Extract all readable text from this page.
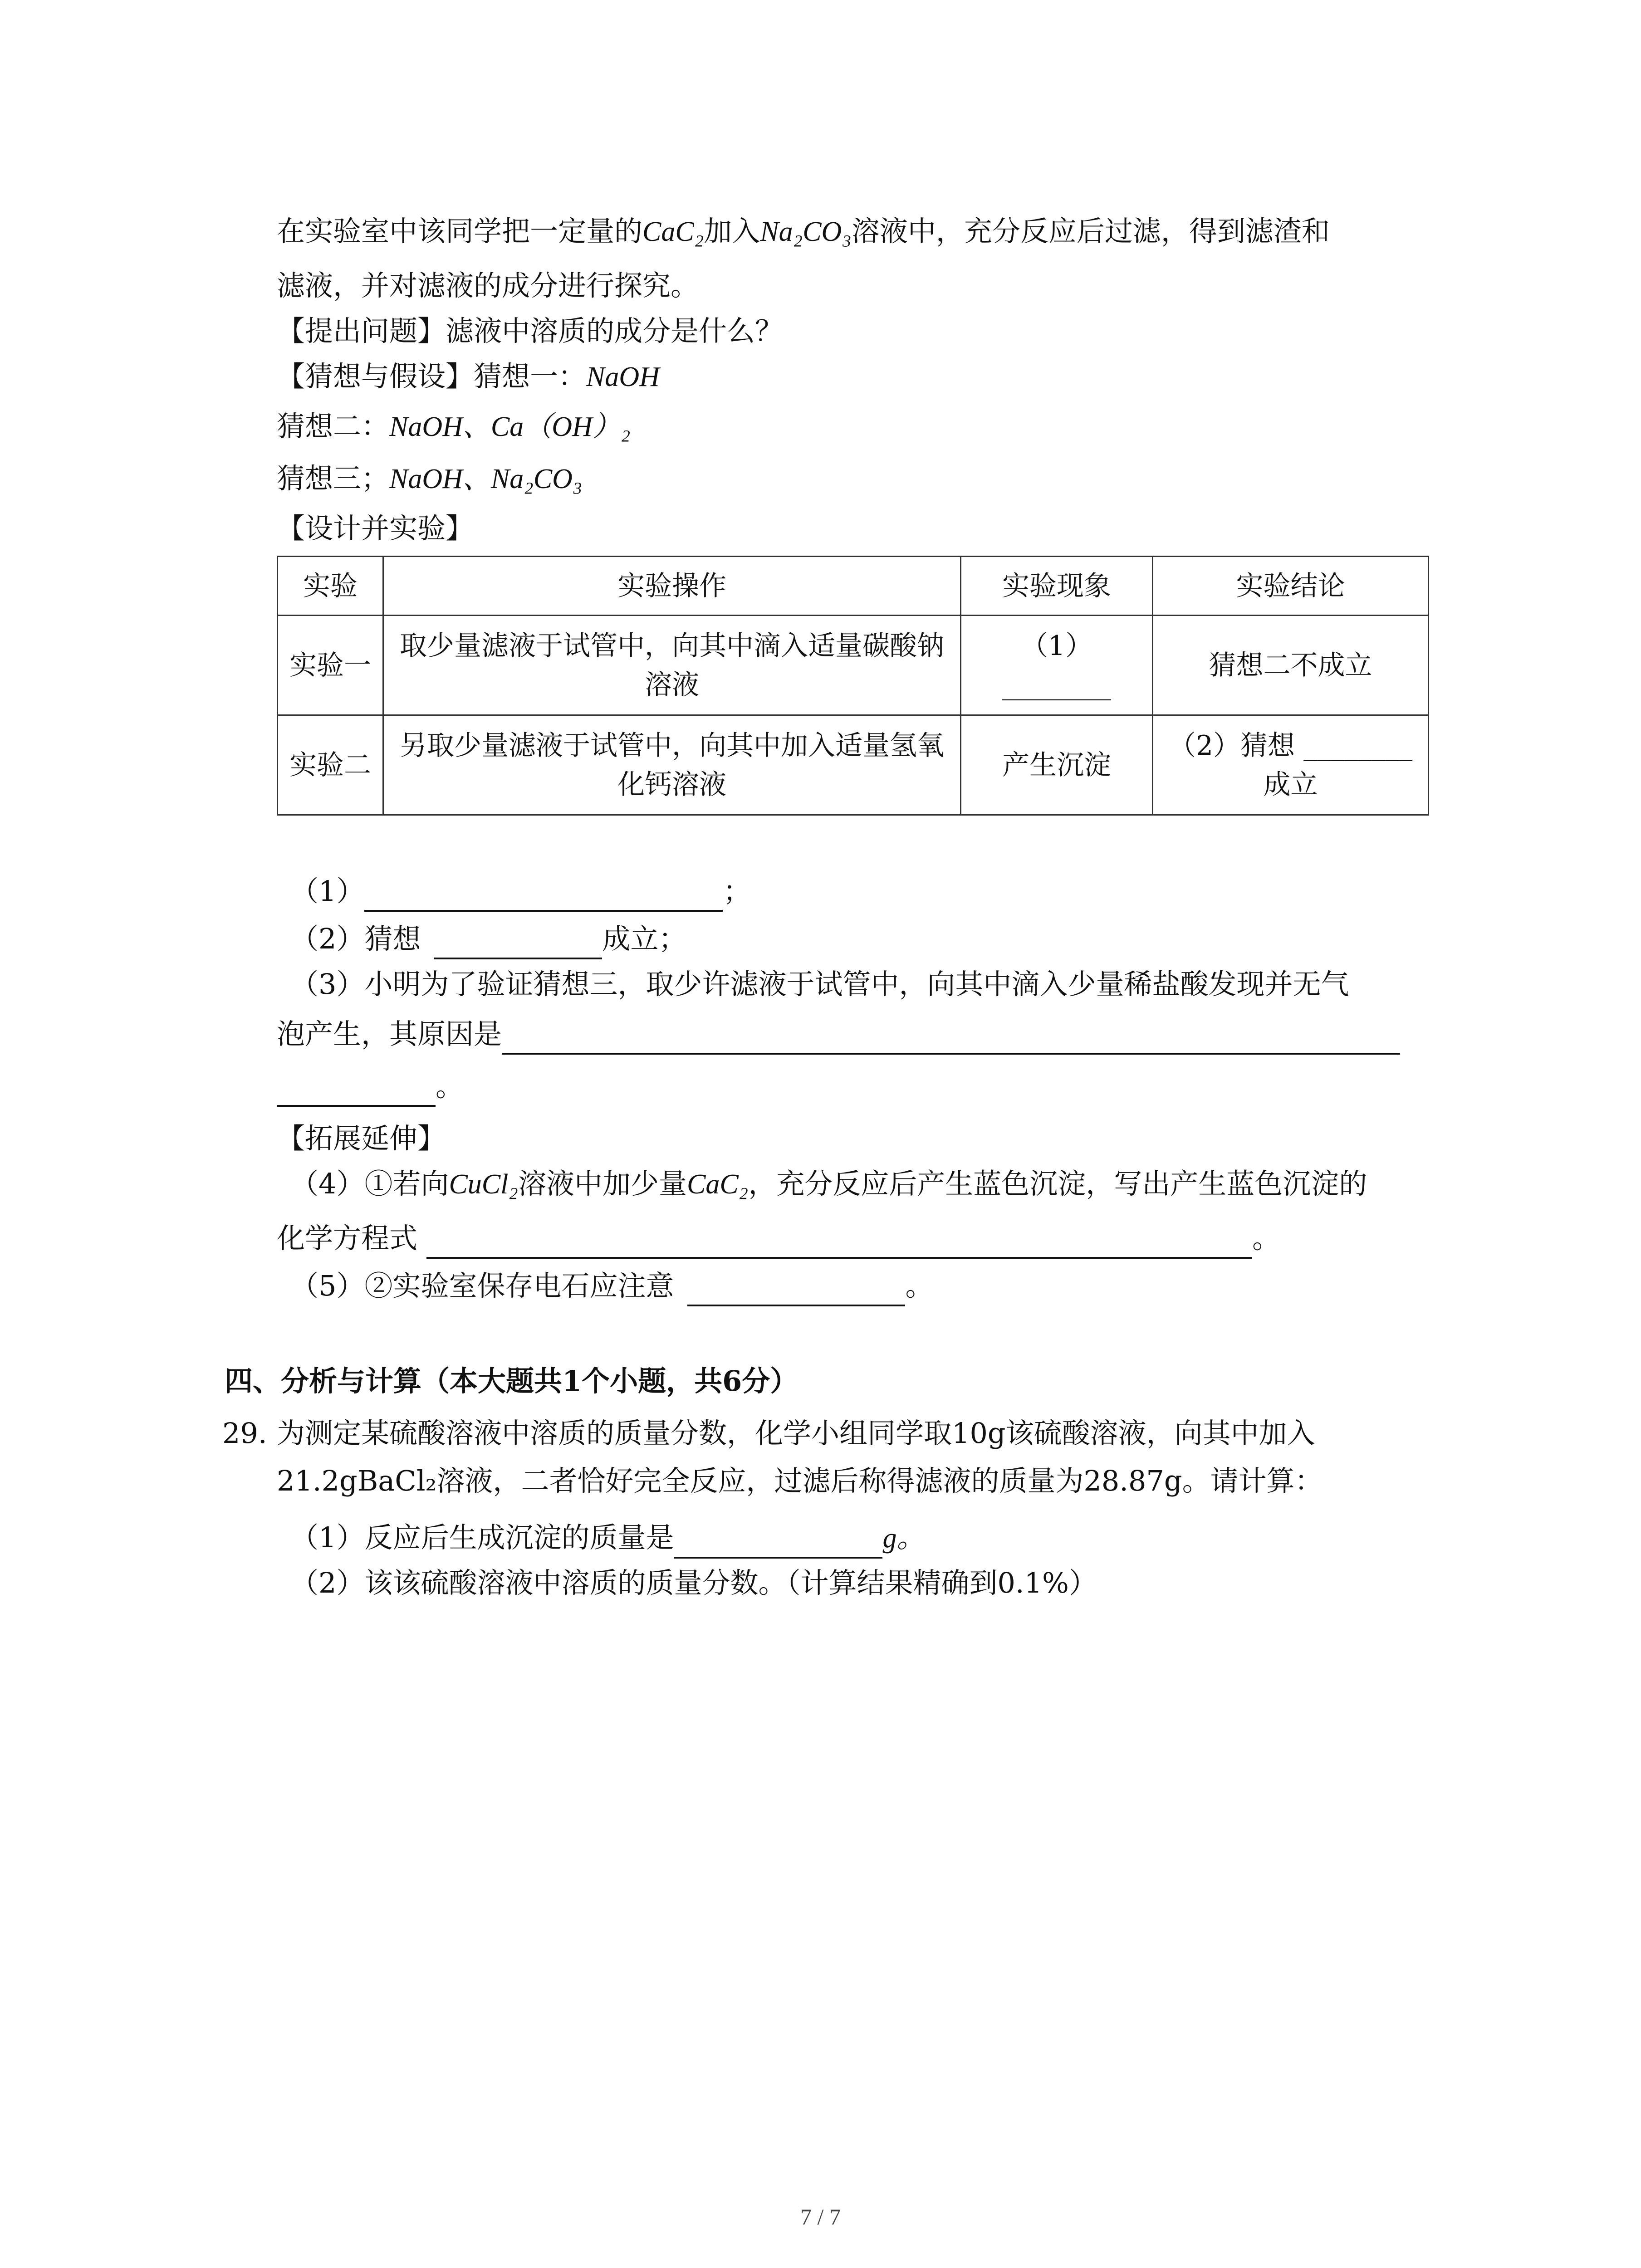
在实验室中该同学把一定量的CaC₂加入Na₂CO₃溶液中，充分反应后过滤，得到滤渣和
滤液，并对滤液的成分进行探究。
【提出问题】滤液中溶质的成分是什么？
【猜想与假设】猜想一：NaOH
猜想二：NaOH、Ca（OH）₂
猜想三；NaOH、Na₂CO₃
【设计并实验】
实验	实验操作	实验现象	实验结论
实验一	取少量滤液于试管中，向其中滴入适量碳酸钠溶液	（1）________	猜想二不成立
实验二	另取少量滤液于试管中，向其中加入适量氢氧化钙溶液	产生沉淀	（2）猜想 ________成立
（1）	；
（2）猜想	成立；
（3）小明为了验证猜想三，取少许滤液于试管中，向其中滴入少量稀盐酸发现并无气
泡产生，其原因是
。
【拓展延伸】
（4）①若向CuCl₂溶液中加少量CaC₂，充分反应后产生蓝色沉淀，写出产生蓝色沉淀的
化学方程式	。
（5）②实验室保存电石应注意	。
四、分析与计算（本大题共1个小题，共6分）
29. 为测定某硫酸溶液中溶质的质量分数，化学小组同学取10g该硫酸溶液，向其中加入
21.2gBaCl₂溶液，二者恰好完全反应，过滤后称得滤液的质量为28.87g。请计算：
（1）反应后生成沉淀的质量是	g。
（2）该该硫酸溶液中溶质的质量分数。（计算结果精确到0.1%）
7 / 7
